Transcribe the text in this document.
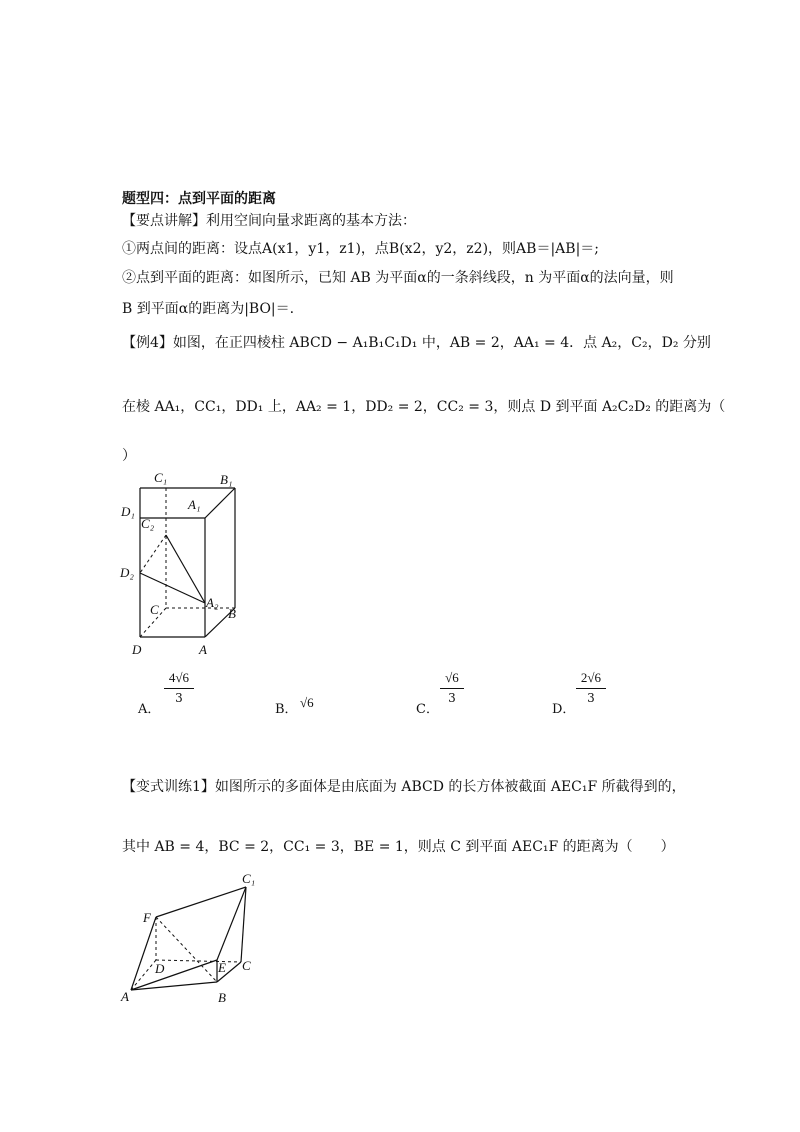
题型四：点到平面的距离
【要点讲解】利用空间向量求距离的基本方法：
①两点间的距离：设点A(x1，y1，z1)，点B(x2，y2，z2)，则AB＝|AB|＝;
②点到平面的距离：如图所示，已知 AB 为平面α的一条斜线段，n 为平面α的法向量，则
B 到平面α的距离为|BO|＝.
【例4】如图，在正四棱柱 ABCD − A₁B₁C₁D₁ 中，AB = 2，AA₁ = 4．点 A₂，C₂，D₂ 分别
在棱 AA₁，CC₁，DD₁ 上，AA₂ = 1，DD₂ = 2，CC₂ = 3，则点 D 到平面 A₂C₂D₂ 的距离为（
）
C₁	B₁
A₁
D₁
C₂
D₂
C	A₂
B
D	A
A．
4√6
3
B． √6	C．
√6
3
D．
2√6
3
【变式训练1】如图所示的多面体是由底面为 ABCD 的长方体被截面 AEC₁F 所截得到的，
其中 AB = 4，BC = 2，CC₁ = 3，BE = 1，则点 C 到平面 AEC₁F 的距离为（　　）
C₁
F
D	E C
A	B
